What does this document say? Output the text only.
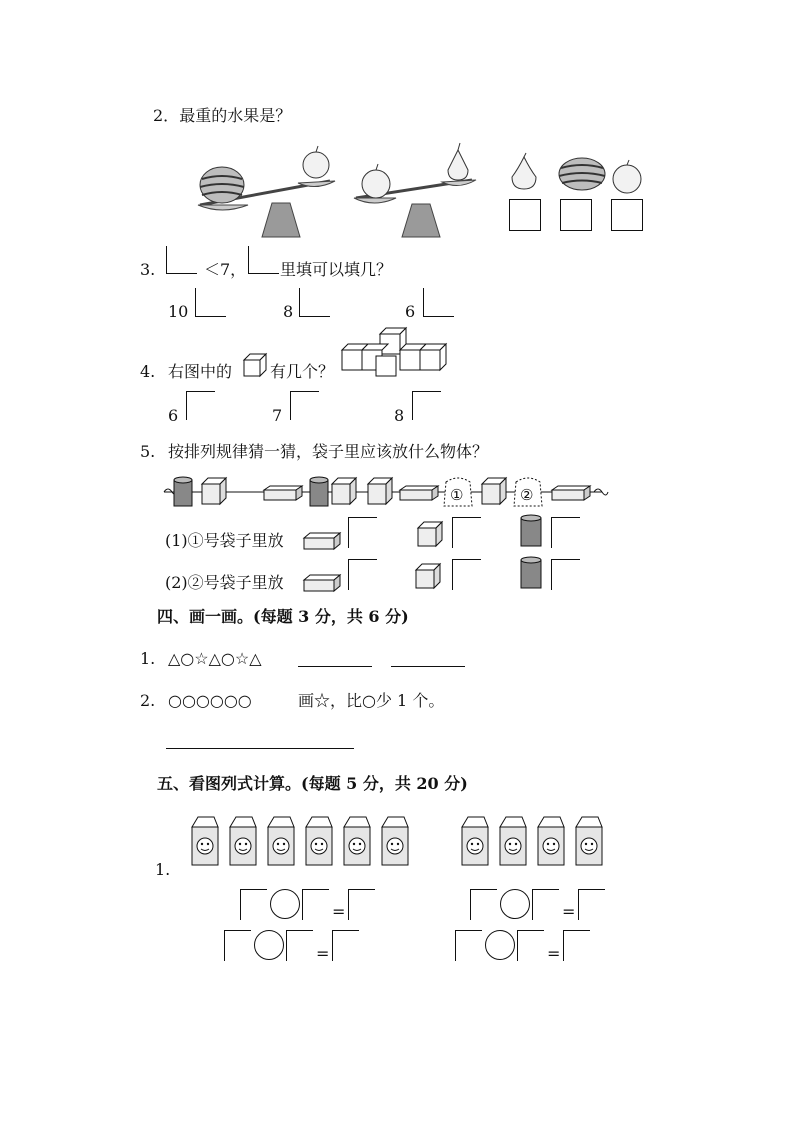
2．最重的水果是？
3.	＜7， 里填可以填几？
10	8	6
4. 右图中的 有几个？
6	7	8
5. 按排列规律猜一猜，袋子里应该放什么物体？
①	②
(1)①号袋子里放
(2)②号袋子里放
四、画一画。(每题 3 分，共 6 分)
1. △○☆△○☆△
2. ○○○○○○	画☆，比○少 1 个。
五、看图列式计算。(每题 5 分，共 20 分)
1.
=	=
=	=
